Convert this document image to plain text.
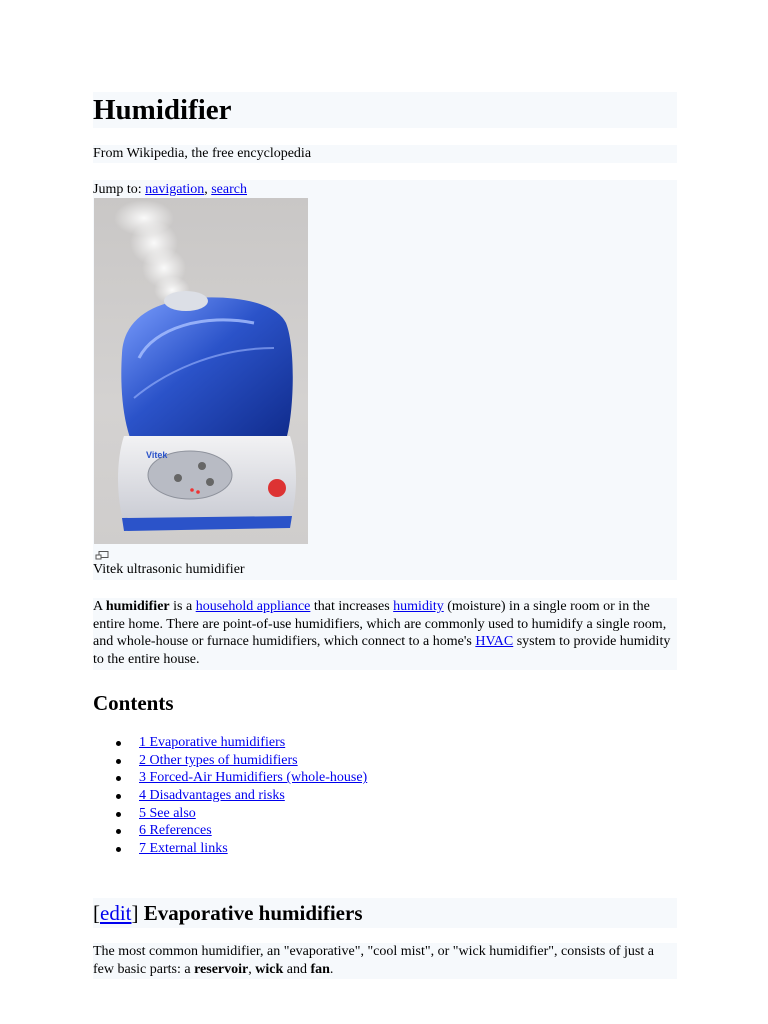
Humidifier
From Wikipedia, the free encyclopedia
Jump to: navigation, search
Vitek
Vitek ultrasonic humidifier
A humidifier is a household appliance that increases humidity (moisture) in a single room or in the entire home. There are point-of-use humidifiers, which are commonly used to humidify a single room, and whole-house or furnace humidifiers, which connect to a home's HVAC system to provide humidity to the entire house.
Contents
1 Evaporative humidifiers
2 Other types of humidifiers
3 Forced-Air Humidifiers (whole-house)
4 Disadvantages and risks
5 See also
6 References
7 External links
[edit] Evaporative humidifiers
The most common humidifier, an "evaporative", "cool mist", or "wick humidifier", consists of just a few basic parts: a reservoir, wick and fan.
